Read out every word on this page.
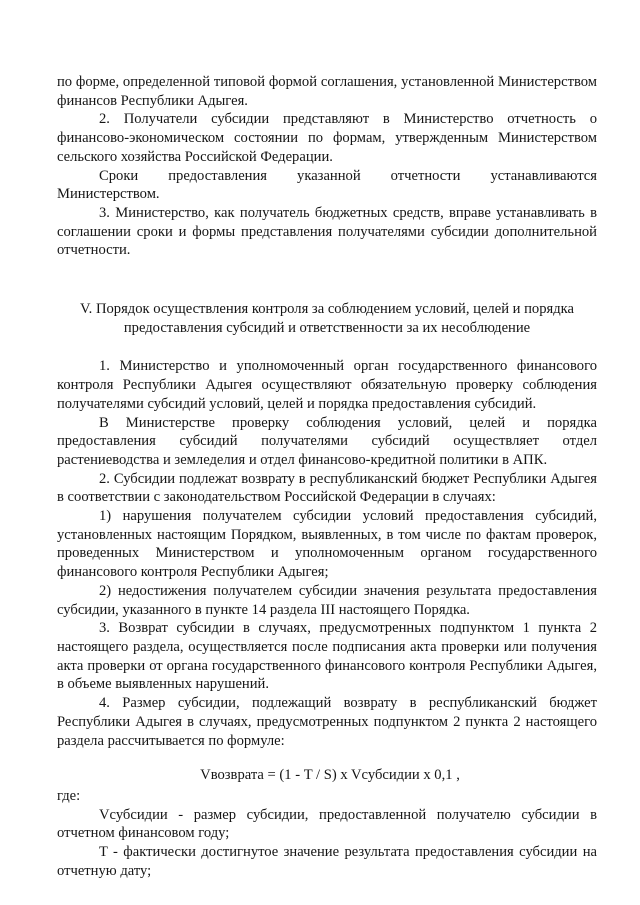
по форме, определенной типовой формой соглашения, установленной Министерством финансов Республики Адыгея.

2. Получатели субсидии представляют в Министерство отчетность о финансово-экономическом состоянии по формам, утвержденным Министерством сельского хозяйства Российской Федерации.

Сроки предоставления указанной отчетности устанавливаются Министерством.

3. Министерство, как получатель бюджетных средств, вправе устанавливать в соглашении сроки и формы представления получателями субсидии дополнительной отчетности.

V. Порядок осуществления контроля за соблюдением условий, целей и порядка
предоставления субсидий и ответственности за их несоблюдение

1. Министерство и уполномоченный орган государственного финансового контроля Республики Адыгея осуществляют обязательную проверку соблюдения получателями субсидий условий, целей и порядка предоставления субсидий.

В Министерстве проверку соблюдения условий, целей и порядка предоставления субсидий получателями субсидий осуществляет отдел растениеводства и земледелия и отдел финансово-кредитной политики в АПК.

2. Субсидии подлежат возврату в республиканский бюджет Республики Адыгея в соответствии с законодательством Российской Федерации в случаях:

1) нарушения получателем субсидии условий предоставления субсидий, установленных настоящим Порядком, выявленных, в том числе по фактам проверок, проведенных Министерством и уполномоченным органом государственного финансового контроля Республики Адыгея;

2) недостижения получателем субсидии значения результата предоставления субсидии, указанного в пункте 14 раздела III настоящего Порядка.

3. Возврат субсидии в случаях, предусмотренных подпунктом 1 пункта 2 настоящего раздела, осуществляется после подписания акта проверки или получения акта проверки от органа государственного финансового контроля Республики Адыгея, в объеме выявленных нарушений.

4. Размер субсидии, подлежащий возврату в республиканский бюджет Республики Адыгея в случаях, предусмотренных подпунктом 2 пункта 2 настоящего раздела рассчитывается по формуле:

Vвозврата = (1 - T / S) x Vсубсидии x 0,1 ,

где:

Vсубсидии - размер субсидии, предоставленной получателю субсидии в отчетном финансовом году;

T - фактически достигнутое значение результата предоставления субсидии на отчетную дату;
